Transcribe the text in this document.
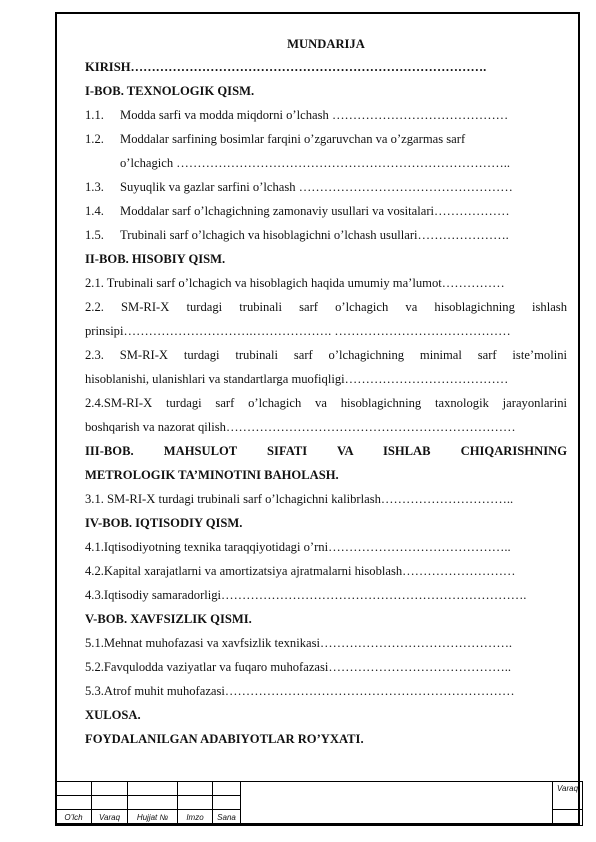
MUNDARIJA
KIRISH………………………………………………………………………….
I-BOB. TEXNOLOGIK QISM.
1.1.	Modda sarfi va modda miqdorni o’lchash ……………………………………
1.2.	Moddalar sarfining bosimlar farqini o’zgaruvchan va o’zgarmas sarf
o’lchagich ……………………………………………………………………..
1.3.	Suyuqlik va gazlar sarfini o’lchash ……………………………………………
1.4.	Moddalar sarf o’lchagichning zamonaviy usullari va vositalari………………
1.5.	Trubinali sarf o’lchagich va hisoblagichni o’lchash usullari………………….
II-BOB. HISOBIY QISM.
2.1. Trubinali sarf o’lchagich va hisoblagich haqida umumiy ma’lumot……………
2.2. SM-RI-X turdagi trubinali sarf o’lchagich va hisoblagichning ishlash
prinsipi………………………….………………. ……………………………………
2.3. SM-RI-X turdagi trubinali sarf o’lchagichning minimal sarf iste’molini
hisoblanishi, ulanishlari va standartlarga muofiqligi…………………………………
2.4.SM-RI-X turdagi sarf o’lchagich va hisoblagichning taxnologik jarayonlarini
boshqarish va nazorat qilish……………………………………………………………
III-BOB. MAHSULOT SIFATI VA ISHLAB CHIQARISHNING
METROLOGIK TA’MINOTINI BAHOLASH.
3.1. SM-RI-X turdagi trubinali sarf o’lchagichni kalibrlash…………………………..
IV-BOB. IQTISODIY QISM.
4.1.Iqtisodiyotning texnika taraqqiyotidagi o’rni……………………………………..
4.2.Kapital xarajatlarni va amortizatsiya ajratmalarni hisoblash………………………
4.3.Iqtisodiy samaradorligi……………………………………………………………….
V-BOB. XAVFSIZLIK QISMI.
5.1.Mehnat muhofazasi va xavfsizlik texnikasi……………………………………….
5.2.Favqulodda vaziyatlar va fuqaro muhofazasi……………………………………..
5.3.Atrof muhit muhofazasi……………………………………………………………
XULOSA.
FOYDALANILGAN ADABIYOTLAR RO’YXATI.
						Varaq

O’lch	Varaq	Hujjat №	Imzo	Sana		
